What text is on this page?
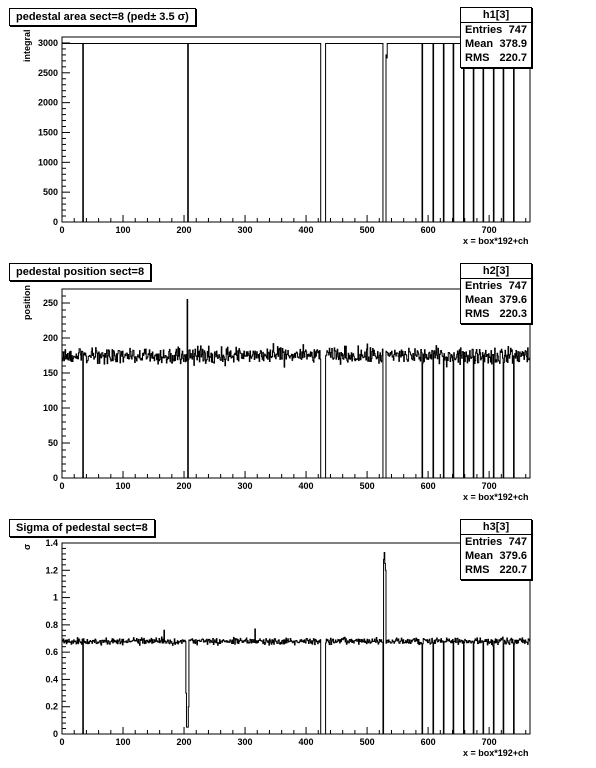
0	100	200	300	400	500	600	700
0
500
1000
1500
2000
2500
3000
pedestal area sect=8 (ped± 3.5 σ)
integral
x = box*192+ch
h1[3]
Entries 747
Mean 378.9
RMS 220.7
0	100	200	300	400	500	600	700
0
50
100
150
200
250
pedestal position sect=8
position
x = box*192+ch
h2[3]
Entries 747
Mean 379.6
RMS 220.3
0	100	200	300	400	500	600	700
0
0.2
0.4
0.6
0.8
1
1.2
1.4
Sigma of pedestal sect=8
σ
x = box*192+ch
h3[3]
Entries 747
Mean 379.6
RMS 220.7
